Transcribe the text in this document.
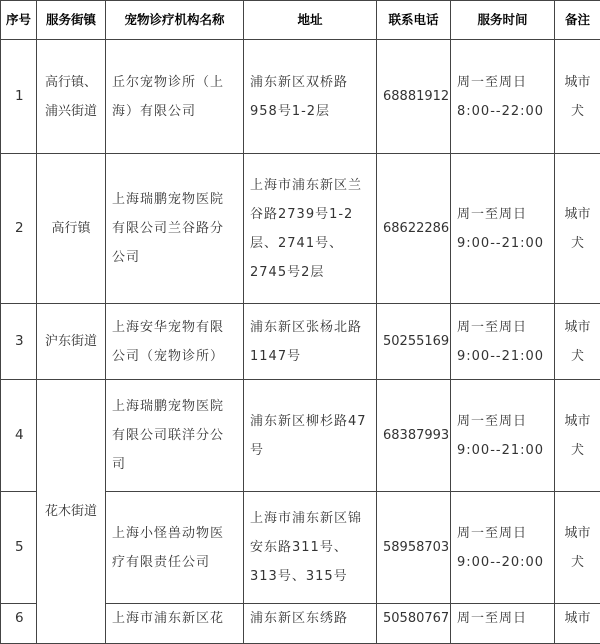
序号	服务街镇	宠物诊疗机构名称	地址	联系电话	服务时间	备注
1	高行镇、浦兴街道	丘尔宠物诊所（上海）有限公司	浦东新区双桥路958号1-2层	68881912	周一至周日8:00--22:00	城市犬
2	高行镇	上海瑞鹏宠物医院有限公司兰谷路分公司	上海市浦东新区兰谷路2739号1-2层、2741号、2745号2层	68622286	周一至周日9:00--21:00	城市犬
3	沪东街道	上海安华宠物有限公司（宠物诊所）	浦东新区张杨北路1147号	50255169	周一至周日9:00--21:00	城市犬
4	花木街道	上海瑞鹏宠物医院有限公司联洋分公司	浦东新区柳杉路47号	68387993	周一至周日9:00--21:00	城市犬
5		上海小怪兽动物医疗有限责任公司	上海市浦东新区锦安东路311号、313号、315号	58958703	周一至周日9:00--20:00	城市犬
6		上海市浦东新区花	浦东新区东绣路	50580767	周一至周日	城市
